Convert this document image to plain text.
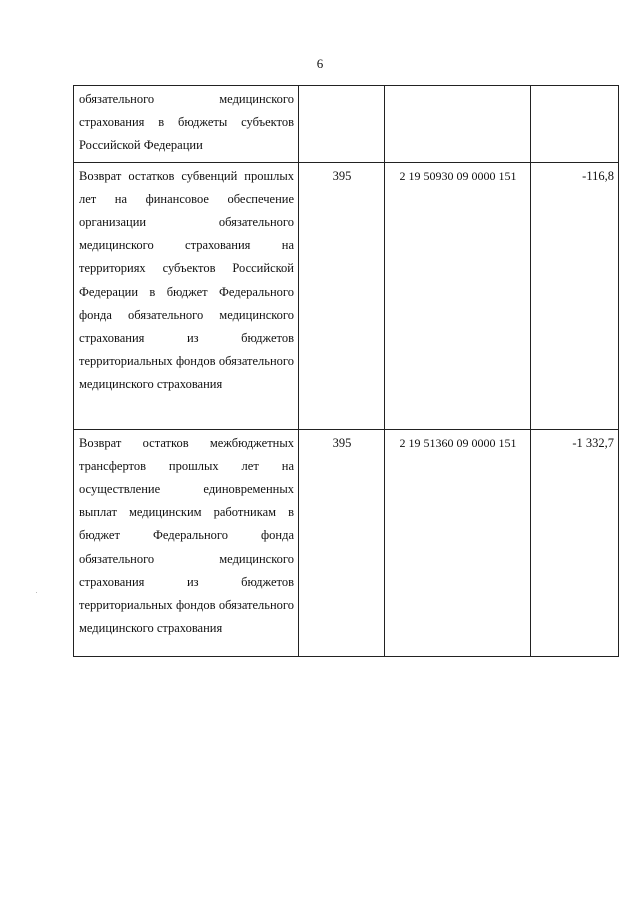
6
обязательного медицинского страхования в бюджеты субъектов Российской Федерации			
Возврат остатков субвенций прошлых лет на финансовое обеспечение организации обязательного медицинского страхования на территориях субъектов Российской Федерации в бюджет Федерального фонда обязательного медицинского страхования из бюджетов территориальных фондов обязательного медицинского страхования	395	2 19 50930 09 0000 151	-116,8
Возврат остатков межбюджетных трансфертов прошлых лет на осуществление единовременных выплат медицинским работникам в бюджет Федерального фонда обязательного медицинского страхования из бюджетов территориальных фондов обязательного медицинского страхования	395	2 19 51360 09 0000 151	-1 332,7
